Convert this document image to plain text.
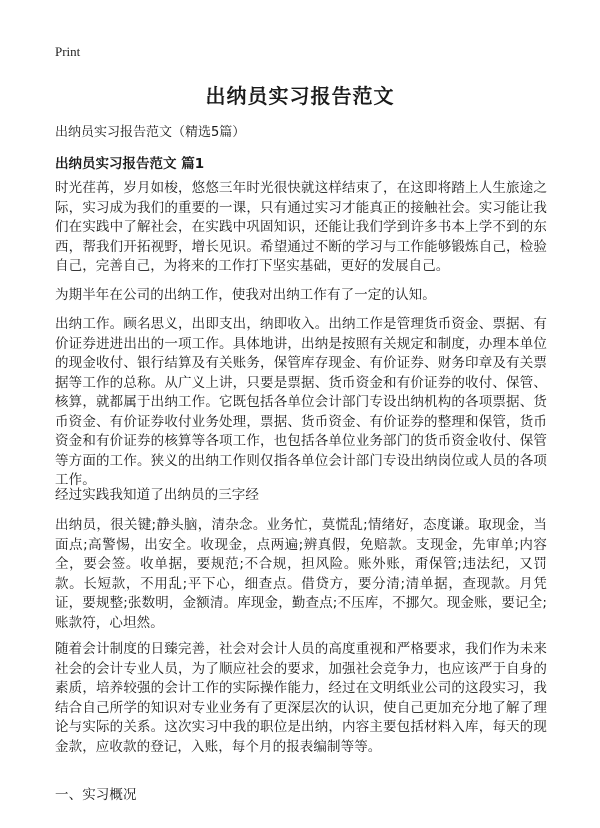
Print
出纳员实习报告范文

出纳员实习报告范文（精选5篇）

出纳员实习报告范文 篇1

时光荏苒，岁月如梭，悠悠三年时光很快就这样结束了，在这即将踏上人生旅途之际，实习成为我们的重要的一课，只有通过实习才能真正的接触社会。实习能让我们在实践中了解社会，在实践中巩固知识，还能让我们学到许多书本上学不到的东西，帮我们开拓视野，增长见识。希望通过不断的学习与工作能够锻炼自己，检验自己，完善自己，为将来的工作打下坚实基础，更好的发展自己。

为期半年在公司的出纳工作，使我对出纳工作有了一定的认知。

出纳工作。顾名思义，出即支出，纳即收入。出纳工作是管理货币资金、票据、有价证券进进出出的一项工作。具体地讲，出纳是按照有关规定和制度，办理本单位的现金收付、银行结算及有关账务，保管库存现金、有价证券、财务印章及有关票据等工作的总称。从广义上讲，只要是票据、货币资金和有价证券的收付、保管、核算，就都属于出纳工作。它既包括各单位会计部门专设出纳机构的各项票据、货币资金、有价证券收付业务处理，票据、货币资金、有价证券的整理和保管，货币资金和有价证券的核算等各项工作，也包括各单位业务部门的货币资金收付、保管等方面的工作。狭义的出纳工作则仅指各单位会计部门专设出纳岗位或人员的各项工作。

经过实践我知道了出纳员的三字经

出纳员，很关键;静头脑，清杂念。业务忙，莫慌乱;情绪好，态度谦。取现金，当面点;高警惕，出安全。收现金，点两遍;辨真假，免赔款。支现金，先审单;内容全，要会签。收单据，要规范;不合规，担风险。账外账，甭保管;违法纪，又罚款。长短款，不用乱;平下心，细查点。借贷方，要分清;清单据，查现款。月凭证，要规整;张数明，金额清。库现金，勤查点;不压库，不挪欠。现金账，要记全;账款符，心坦然。

随着会计制度的日臻完善，社会对会计人员的高度重视和严格要求，我们作为未来社会的会计专业人员，为了顺应社会的要求，加强社会竞争力，也应该严于自身的素质，培养较强的会计工作的实际操作能力，经过在文明纸业公司的这段实习，我结合自己所学的知识对专业业务有了更深层次的认识，使自己更加充分地了解了理论与实际的关系。这次实习中我的职位是出纳，内容主要包括材料入库，每天的现金款，应收款的登记，入账，每个月的报表编制等等。

一、实习概况
